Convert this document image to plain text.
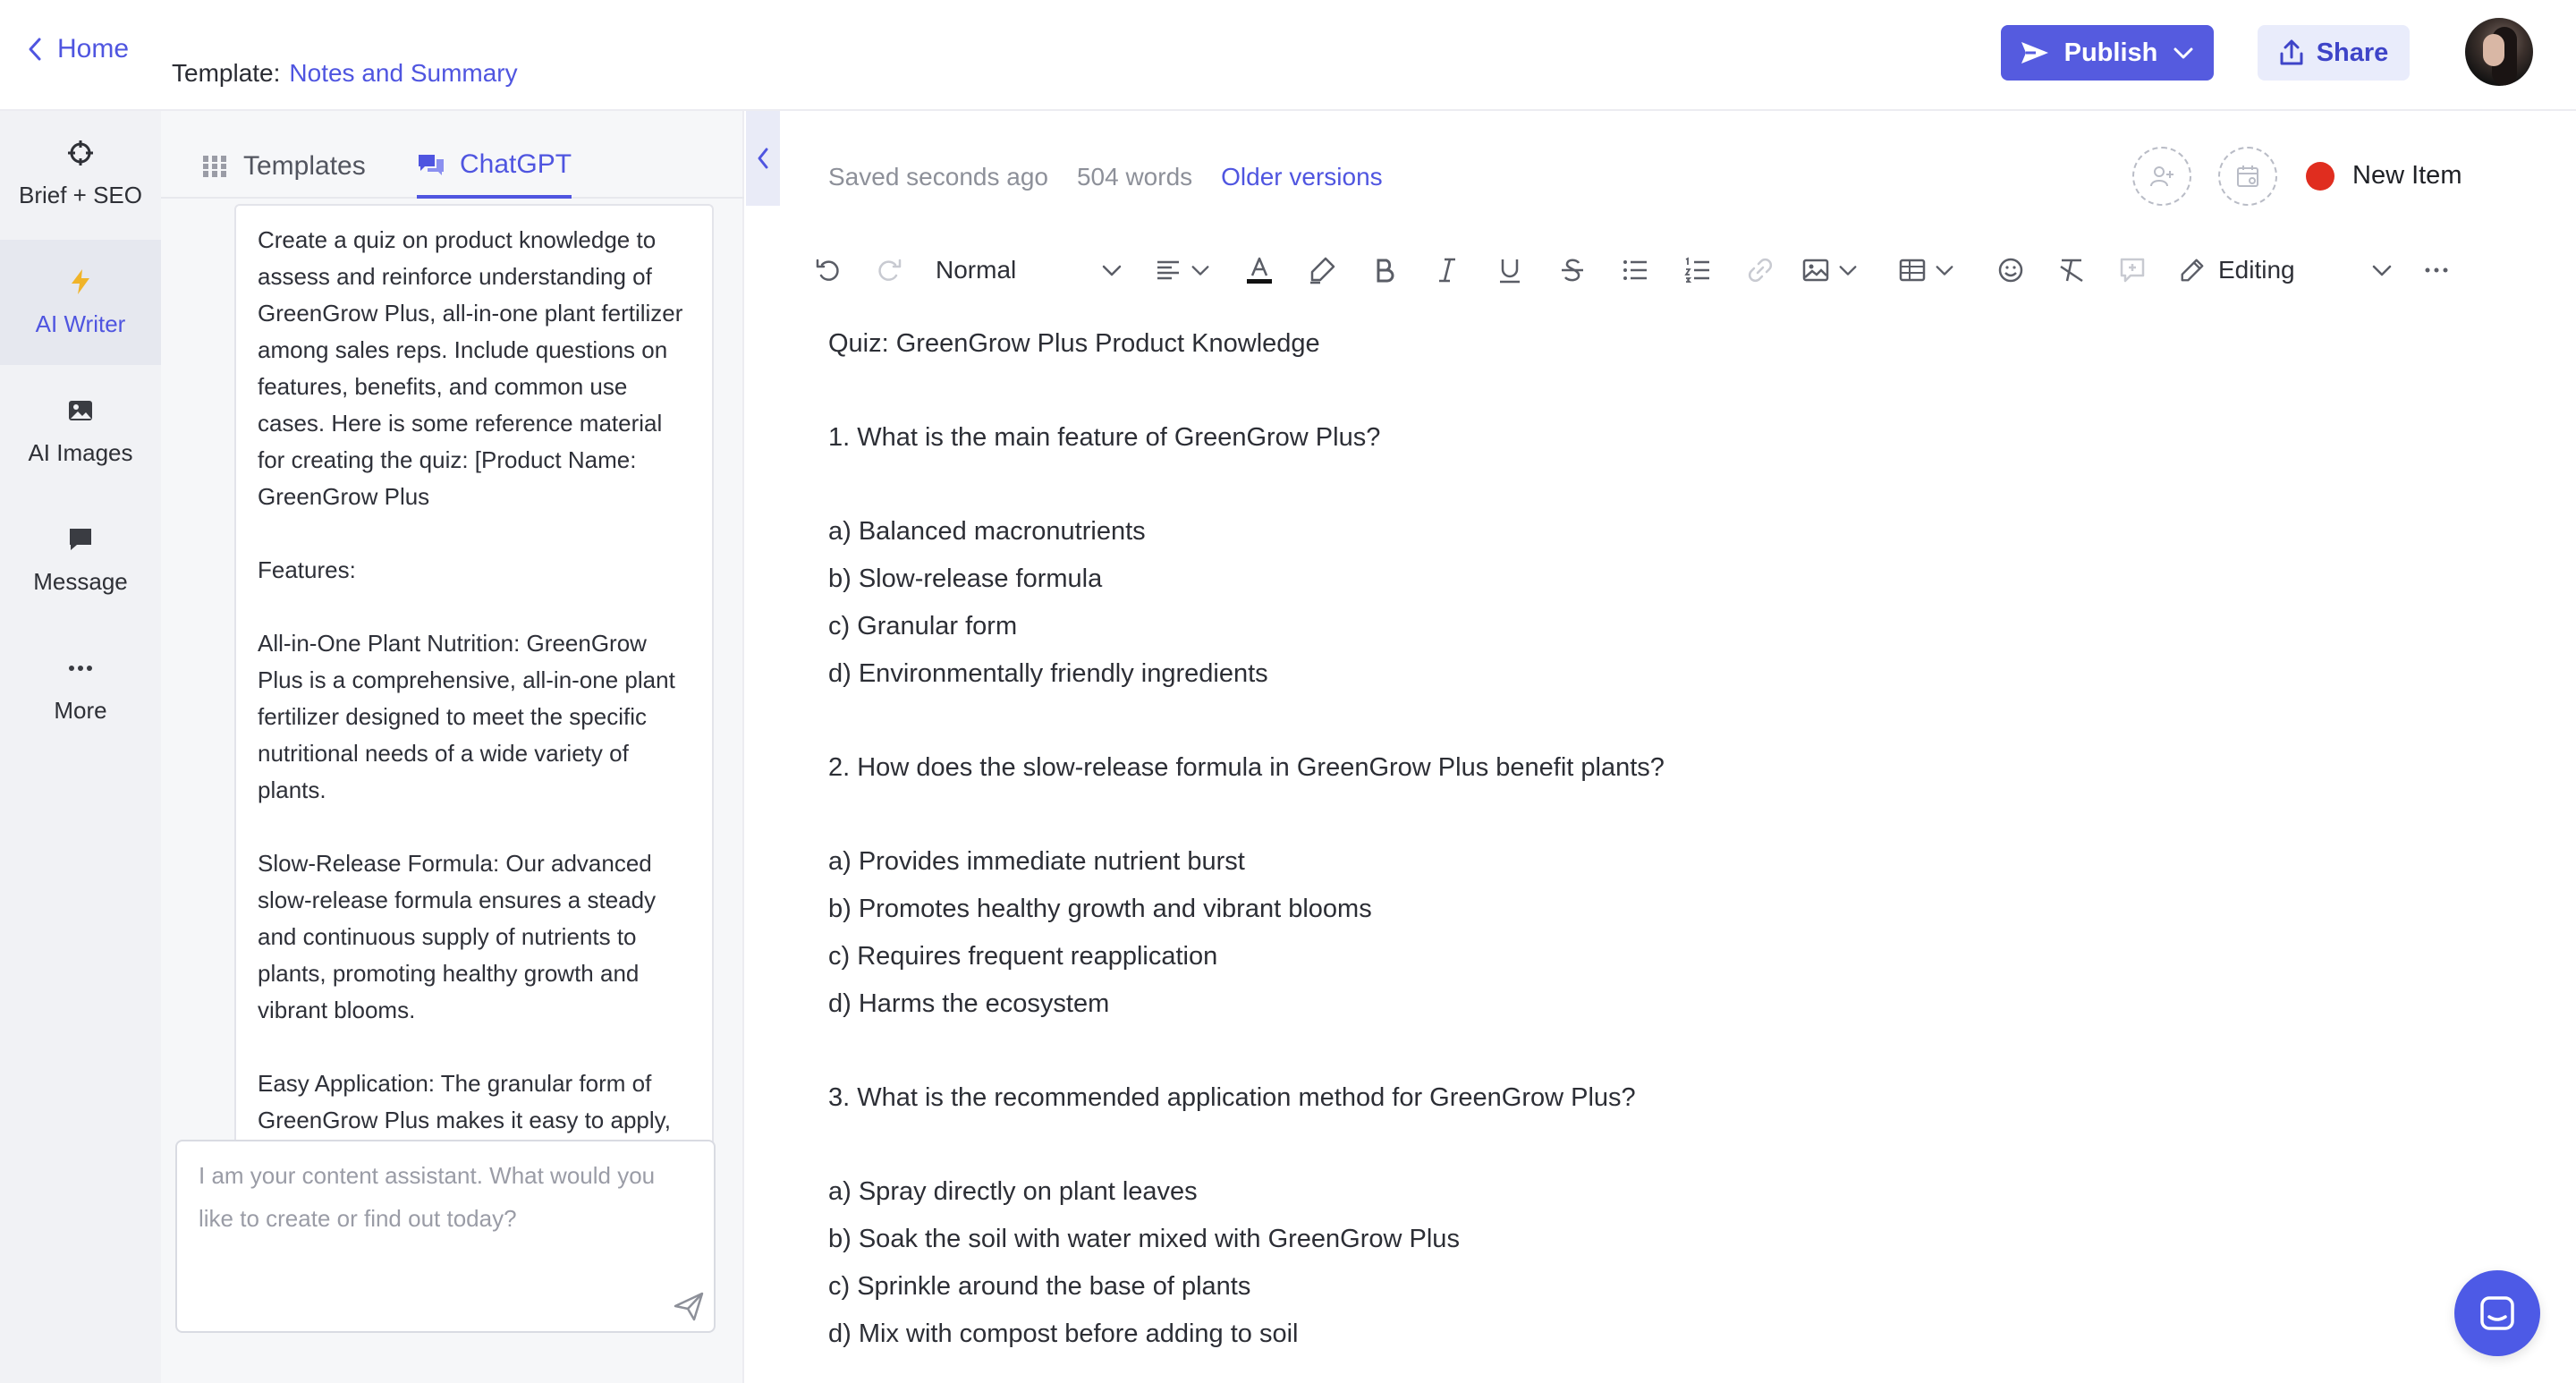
Home
Template: Notes and Summary
Publish	Share
Brief + SEO
AI Writer
AI Images
Message
More
Templates	ChatGPT

Create a quiz on product knowledge to assess and reinforce understanding of GreenGrow Plus, all-in-one plant fertilizer among sales reps. Include questions on features, benefits, and common use cases. Here is some reference material for creating the quiz: [Product Name: GreenGrow Plus

Features:

All-in-One Plant Nutrition: GreenGrow Plus is a comprehensive, all-in-one plant fertilizer designed to meet the specific nutritional needs of a wide variety of plants.

Slow-Release Formula: Our advanced slow-release formula ensures a steady and continuous supply of nutrients to plants, promoting healthy growth and vibrant blooms.

Easy Application: The granular form of GreenGrow Plus makes it easy to apply,

I am your content assistant. What would you like to create or find out today?
Saved seconds ago 504 words Older versions	New Item
Normal	Editing

Quiz: GreenGrow Plus Product Knowledge

1. What is the main feature of GreenGrow Plus?

a) Balanced macronutrients

b) Slow-release formula

c) Granular form

d) Environmentally friendly ingredients

2. How does the slow-release formula in GreenGrow Plus benefit plants?

a) Provides immediate nutrient burst

b) Promotes healthy growth and vibrant blooms

c) Requires frequent reapplication

d) Harms the ecosystem

3. What is the recommended application method for GreenGrow Plus?

a) Spray directly on plant leaves

b) Soak the soil with water mixed with GreenGrow Plus

c) Sprinkle around the base of plants

d) Mix with compost before adding to soil
